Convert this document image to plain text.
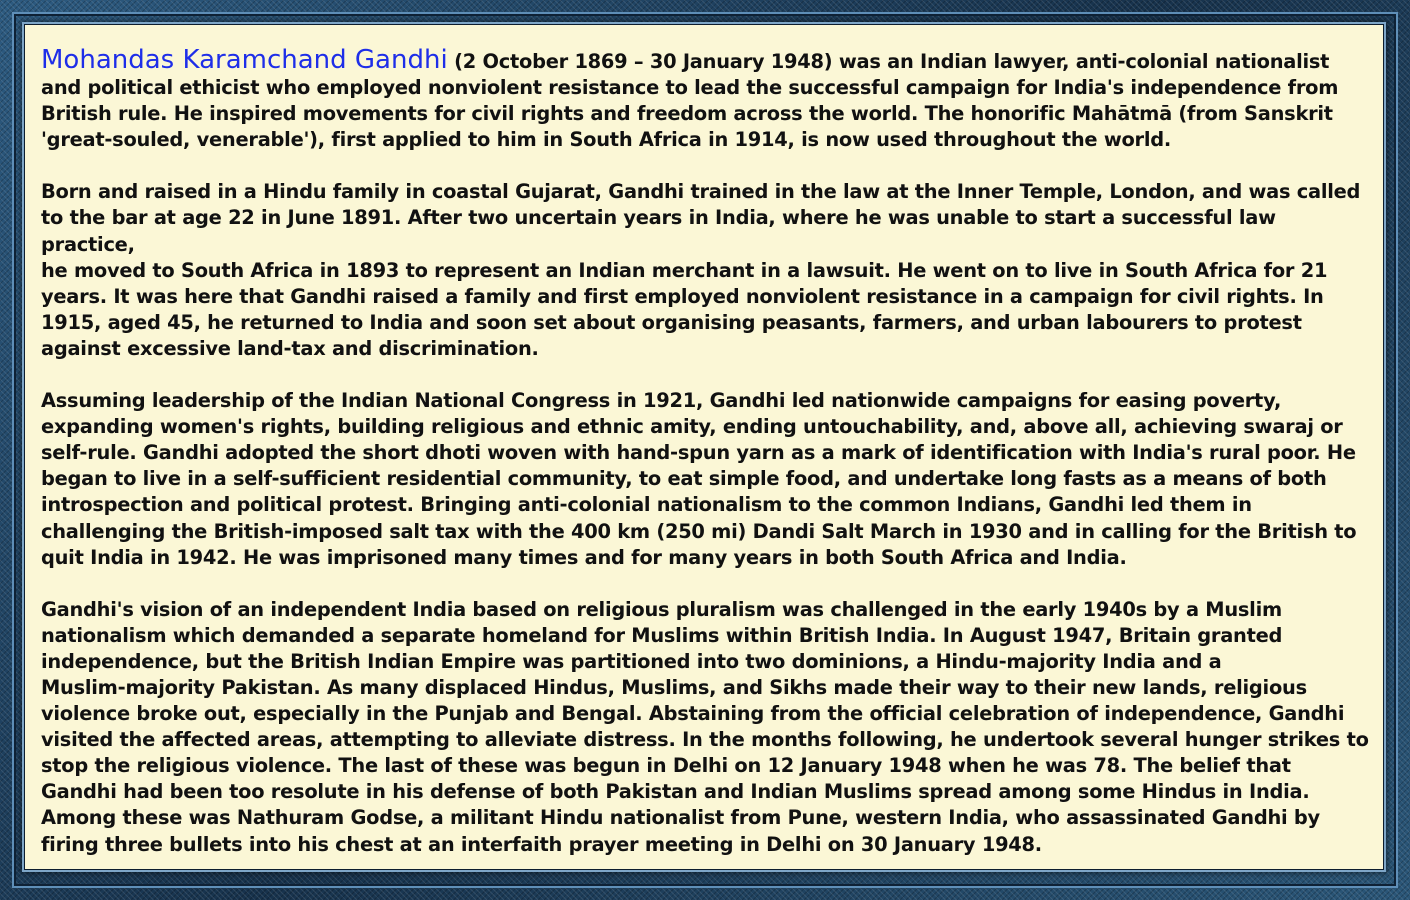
Mohandas Karamchand Gandhi (2 October 1869 – 30 January 1948) was an Indian lawyer, anti-colonial nationalist
and political ethicist who employed nonviolent resistance to lead the successful campaign for India's independence from
British rule. He inspired movements for civil rights and freedom across the world. The honorific Mahātmā (from Sanskrit
'great-souled, venerable'), first applied to him in South Africa in 1914, is now used throughout the world.

Born and raised in a Hindu family in coastal Gujarat, Gandhi trained in the law at the Inner Temple, London, and was called
to the bar at age 22 in June 1891. After two uncertain years in India, where he was unable to start a successful law practice,
he moved to South Africa in 1893 to represent an Indian merchant in a lawsuit. He went on to live in South Africa for 21
years. It was here that Gandhi raised a family and first employed nonviolent resistance in a campaign for civil rights. In
1915, aged 45, he returned to India and soon set about organising peasants, farmers, and urban labourers to protest
against excessive land-tax and discrimination.

Assuming leadership of the Indian National Congress in 1921, Gandhi led nationwide campaigns for easing poverty,
expanding women's rights, building religious and ethnic amity, ending untouchability, and, above all, achieving swaraj or
self-rule. Gandhi adopted the short dhoti woven with hand-spun yarn as a mark of identification with India's rural poor. He
began to live in a self-sufficient residential community, to eat simple food, and undertake long fasts as a means of both
introspection and political protest. Bringing anti-colonial nationalism to the common Indians, Gandhi led them in
challenging the British-imposed salt tax with the 400 km (250 mi) Dandi Salt March in 1930 and in calling for the British to
quit India in 1942. He was imprisoned many times and for many years in both South Africa and India.

Gandhi's vision of an independent India based on religious pluralism was challenged in the early 1940s by a Muslim
nationalism which demanded a separate homeland for Muslims within British India. In August 1947, Britain granted
independence, but the British Indian Empire was partitioned into two dominions, a Hindu-majority India and a
Muslim-majority Pakistan. As many displaced Hindus, Muslims, and Sikhs made their way to their new lands, religious
violence broke out, especially in the Punjab and Bengal. Abstaining from the official celebration of independence, Gandhi
visited the affected areas, attempting to alleviate distress. In the months following, he undertook several hunger strikes to
stop the religious violence. The last of these was begun in Delhi on 12 January 1948 when he was 78. The belief that
Gandhi had been too resolute in his defense of both Pakistan and Indian Muslims spread among some Hindus in India.
Among these was Nathuram Godse, a militant Hindu nationalist from Pune, western India, who assassinated Gandhi by
firing three bullets into his chest at an interfaith prayer meeting in Delhi on 30 January 1948.
